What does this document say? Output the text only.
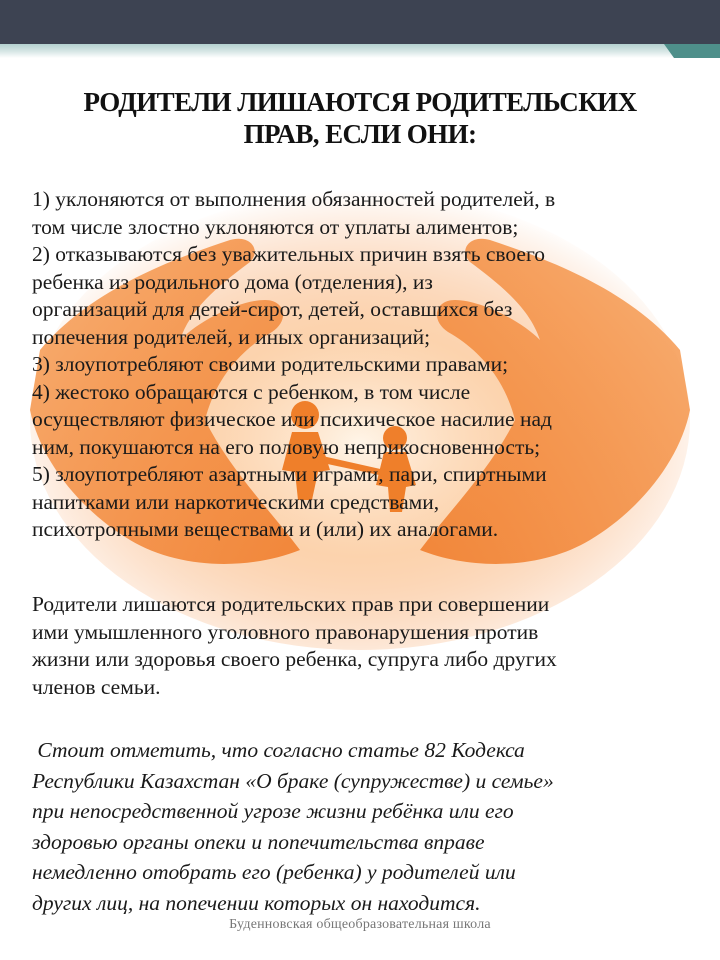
РОДИТЕЛИ ЛИШАЮТСЯ РОДИТЕЛЬСКИХ
ПРАВ, ЕСЛИ ОНИ:
1) уклоняются от выполнения обязанностей родителей, в
том числе злостно уклоняются от уплаты алиментов;
2) отказываются без уважительных причин взять своего
ребенка из родильного дома (отделения), из
организаций для детей-сирот, детей, оставшихся без
попечения родителей, и иных организаций;
3) злоупотребляют своими родительскими правами;
4) жестоко обращаются с ребенком, в том числе
осуществляют физическое или психическое насилие над
ним, покушаются на его половую неприкосновенность;
5) злоупотребляют азартными играми, пари, спиртными
напитками или наркотическими средствами,
психотропными веществами и (или) их аналогами.
Родители лишаются родительских прав при совершении
ими умышленного уголовного правонарушения против
жизни или здоровья своего ребенка, супруга либо других
членов семьи.
Стоит отметить, что согласно статье 82 Кодекса
Республики Казахстан «О браке (супружестве) и семье»
при непосредственной угрозе жизни ребёнка или его
здоровью органы опеки и попечительства вправе
немедленно отобрать его (ребенка) у родителей или
других лиц, на попечении которых он находится.
Буденновская общеобразовательная школа
